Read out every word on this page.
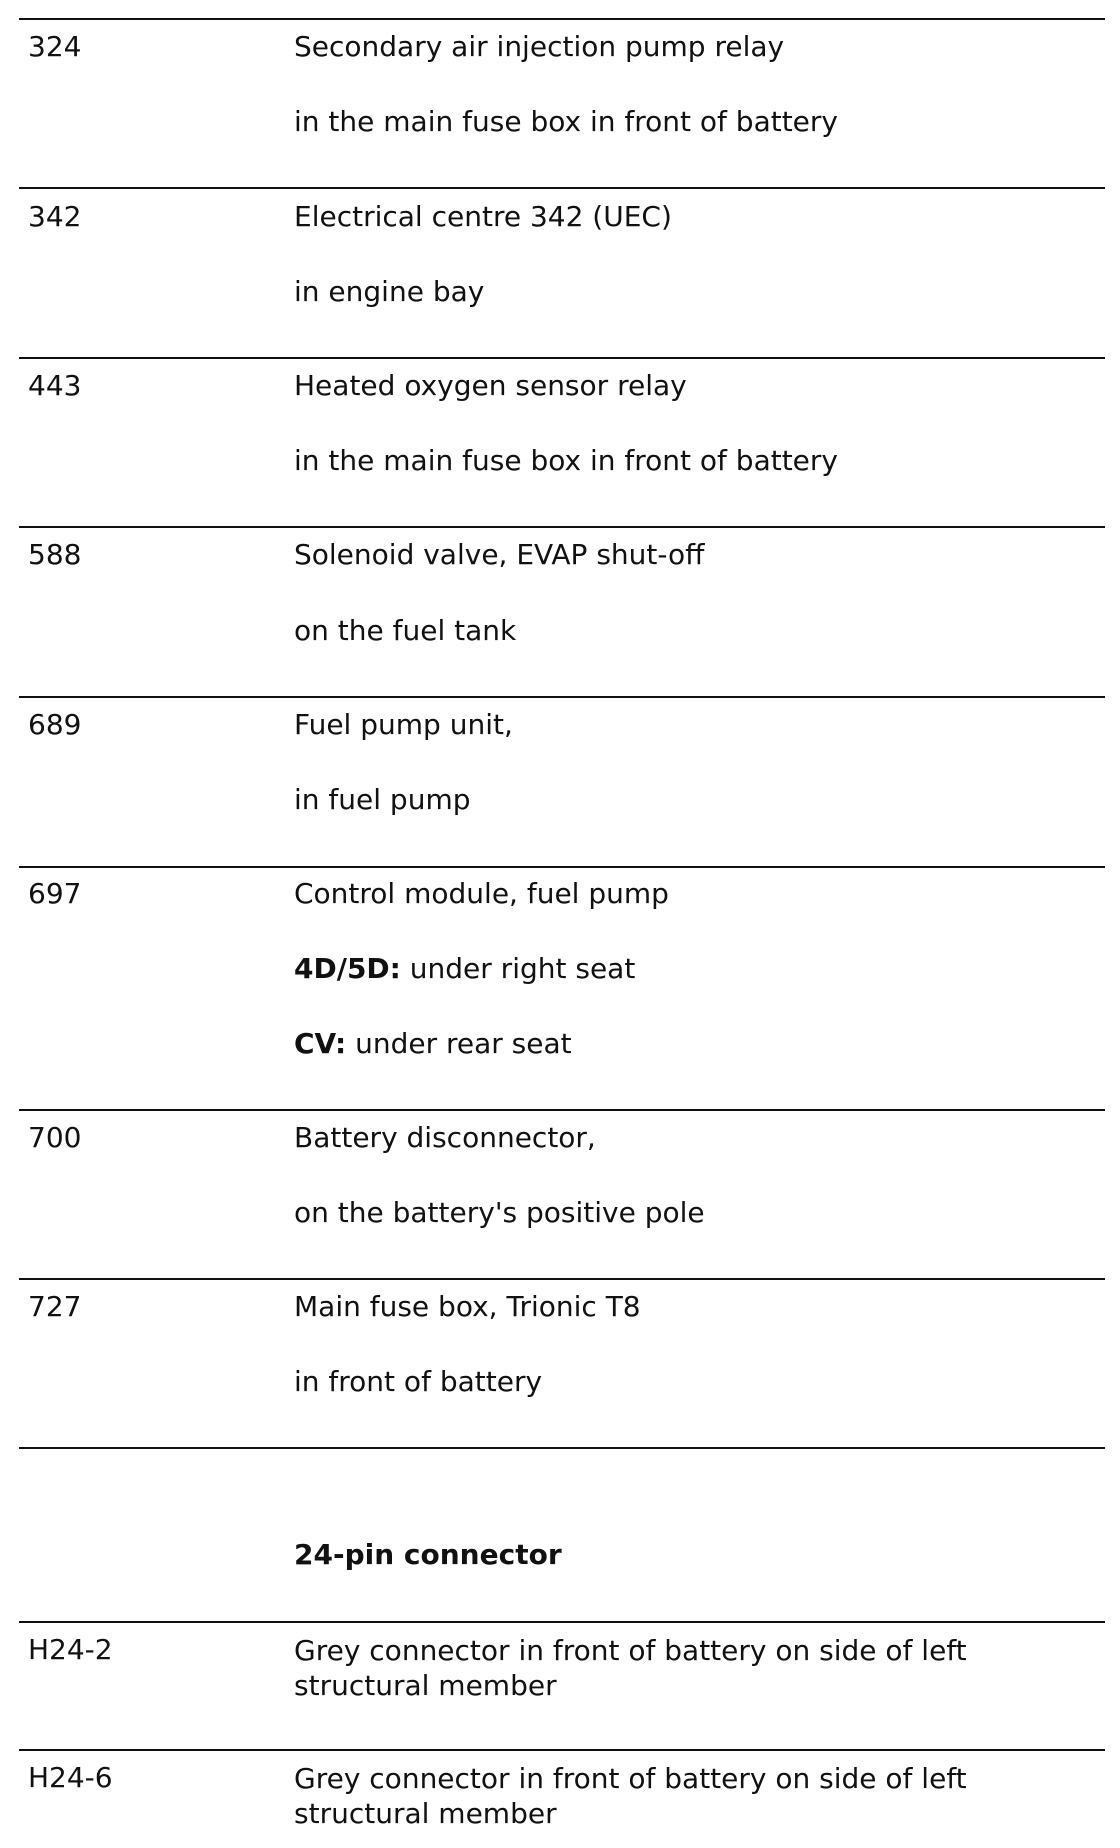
324	Secondary air injection pump relay
in the main fuse box in front of battery
342	Electrical centre 342 (UEC)
in engine bay
443	Heated oxygen sensor relay
in the main fuse box in front of battery
588	Solenoid valve, EVAP shut-off
on the fuel tank
689	Fuel pump unit,
in fuel pump
697	Control module, fuel pump
4D/5D: under right seat
CV: under rear seat
700	Battery disconnector,
on the battery's positive pole
727	Main fuse box, Trionic T8
in front of battery
24-pin connector
H24-2	Grey connector in front of battery on side of left structural member
H24-6	Grey connector in front of battery on side of left structural member
